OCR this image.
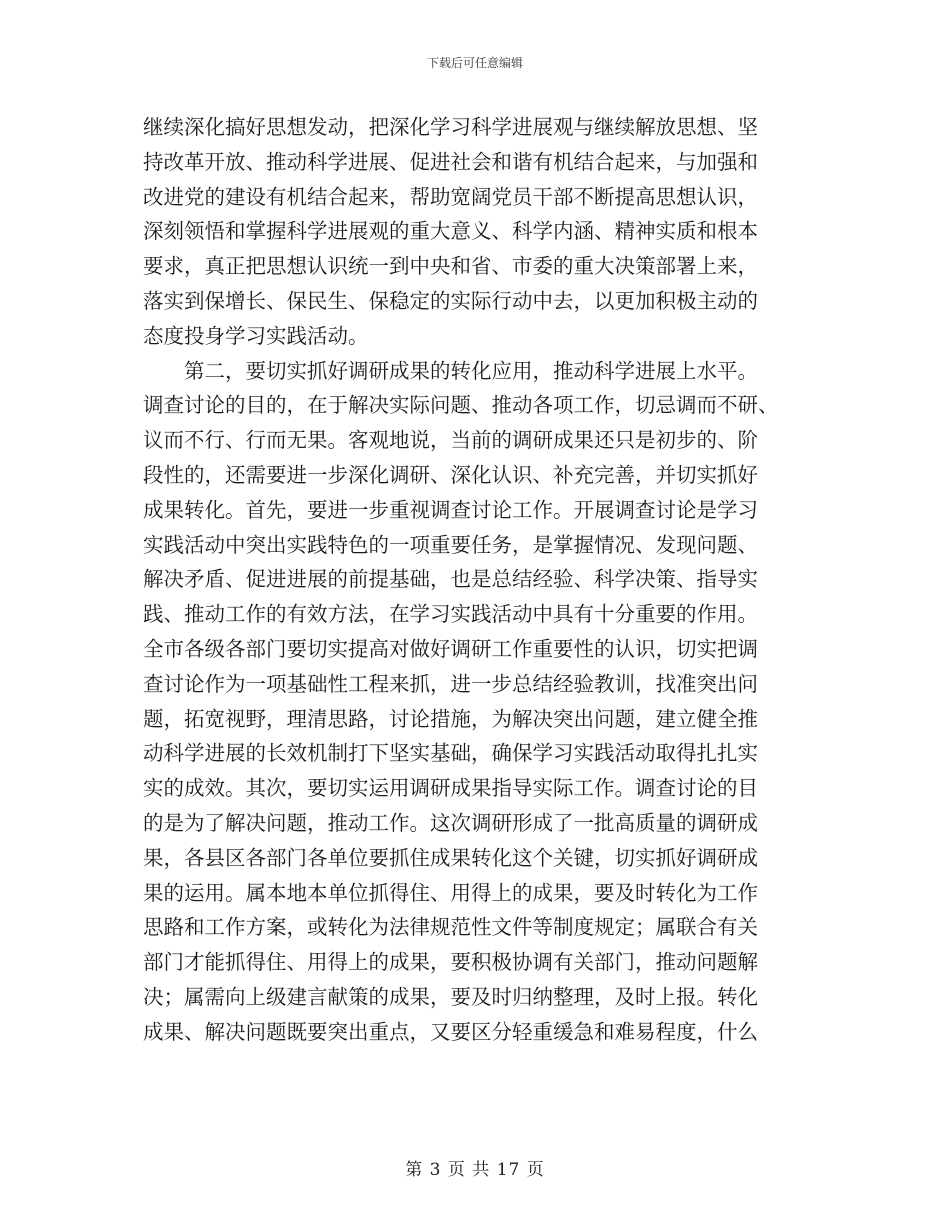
下载后可任意编辑
继续深化搞好思想发动，把深化学习科学进展观与继续解放思想、坚
持改革开放、推动科学进展、促进社会和谐有机结合起来，与加强和
改进党的建设有机结合起来，帮助宽阔党员干部不断提高思想认识，
深刻领悟和掌握科学进展观的重大意义、科学内涵、精神实质和根本
要求，真正把思想认识统一到中央和省、市委的重大决策部署上来，
落实到保增长、保民生、保稳定的实际行动中去，以更加积极主动的
态度投身学习实践活动。
第二，要切实抓好调研成果的转化应用，推动科学进展上水平。
调查讨论的目的，在于解决实际问题、推动各项工作，切忌调而不研、
议而不行、行而无果。客观地说，当前的调研成果还只是初步的、阶
段性的，还需要进一步深化调研、深化认识、补充完善，并切实抓好
成果转化。首先，要进一步重视调查讨论工作。开展调查讨论是学习
实践活动中突出实践特色的一项重要任务，是掌握情况、发现问题、
解决矛盾、促进进展的前提基础，也是总结经验、科学决策、指导实
践、推动工作的有效方法，在学习实践活动中具有十分重要的作用。
全市各级各部门要切实提高对做好调研工作重要性的认识，切实把调
查讨论作为一项基础性工程来抓，进一步总结经验教训，找准突出问
题，拓宽视野，理清思路，讨论措施，为解决突出问题，建立健全推
动科学进展的长效机制打下坚实基础，确保学习实践活动取得扎扎实
实的成效。其次，要切实运用调研成果指导实际工作。调查讨论的目
的是为了解决问题，推动工作。这次调研形成了一批高质量的调研成
果，各县区各部门各单位要抓住成果转化这个关键，切实抓好调研成
果的运用。属本地本单位抓得住、用得上的成果，要及时转化为工作
思路和工作方案，或转化为法律规范性文件等制度规定；属联合有关
部门才能抓得住、用得上的成果，要积极协调有关部门，推动问题解
决；属需向上级建言献策的成果，要及时归纳整理，及时上报。转化
成果、解决问题既要突出重点，又要区分轻重缓急和难易程度，什么
第 3 页 共 17 页
